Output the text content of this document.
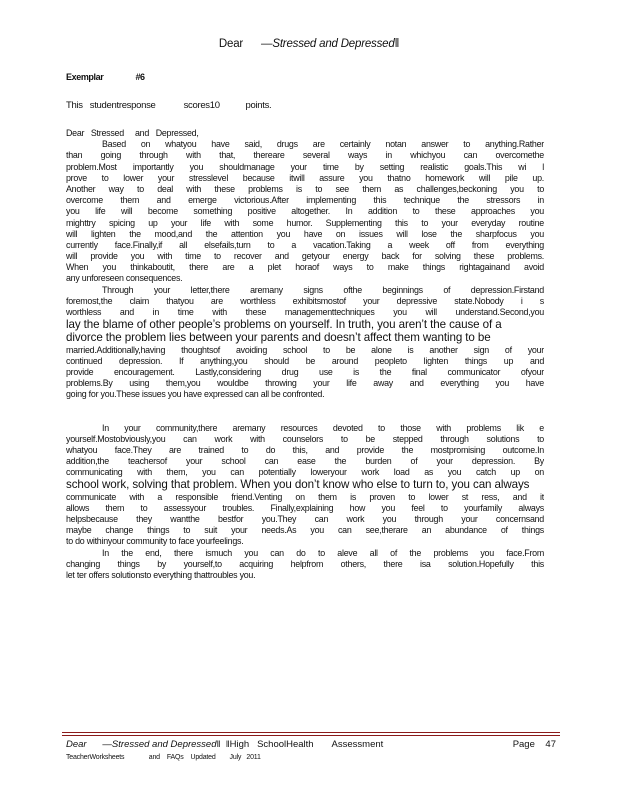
Dear —Stressed and Depressed‖
Exemplar	#6
This   studentresponse            scores10           points.
Dear   Stressed     and   Depressed,
Based on whatyou have said, drugs are certainly notan answer to anything.Rather
than going through with that, thereare several ways in whichyou can overcomethe
problem.Most importantly you shouldmanage your time by setting realistic goals.This wi l
prove to lower your stresslevel because itwill assure you thatno homework will pile up.
Another way to deal with these problems is to see them as challenges,beckoning you to
overcome them and emerge victorious.After implementing this technique the stressors in
you life will become something positive altogether. In addition to these approaches you
mighttry spicing up your life with some humor. Supplementing this to your everyday routine
will lighten the mood,and the attention you have on issues will lose the sharpfocus you
currently face.Finally,if all elsefails,turn to a vacation.Taking a week off from everything
will provide you with time to recover and getyour energy back for solving these problems.
When you thinkaboutit, there are a plet horaof ways to make things rightagainand avoid
any unforeseen consequences.
Through your letter,there aremany signs ofthe beginnings of depression.Firstand
foremost,the claim thatyou are worthless exhibitsmostof your depressive state.Nobody i s
worthless and in time with these managementtechniques you will understand.Second,you
lay the blame of other people’s problems on yourself. In truth, you aren’t the cause of a
divorce the problem lies between your parents and doesn’t affect them wanting to be
married.Additionally,having thoughtsof avoiding school to be alone is another sign of your
continued depression. If anything,you should be around peopleto lighten things up and
provide encouragement. Lastly,considering drug use is the final communicator ofyour
problems.By using them,you wouldbe throwing your life away and everything you have
going for you.These issues you have expressed can all be confronted.
In your community,there aremany resources devoted to those with problems lik e
yourself.Mostobviously,you can work with counselors to be stepped through solutions to
whatyou face.They are trained to do this, and provide the mostpromising outcome.In
addition,the teachersof your school can ease the burden of your depression. By
communicating with them, you can potentially loweryour work load as you catch up on
school work, solving that problem. When you don’t know who else to turn to, you can always
communicate with a responsible friend.Venting on them is proven to lower st ress, and it
allows them to assessyour troubles. Finally,explaining how you feel to yourfamily always
helpsbecause they wantthe bestfor you.They can work you through your concernsand
maybe change things to suit your needs.As you can see,therare an abundance of things
to do withinyour community to face yourfeelings.
In the end, there ismuch you can do to aleve all of the problems you face.From
changing things by yourself,to acquiring helpfrom others, there isa solution.Hopefully this
let ter offers solutionsto everything thattroubles you.
Dear      —Stressed and Depressed‖  ‖High   SchoolHealth       Assessment	Page    47
TeacherWorksheets              and    FAQs    Updated        July   2011
